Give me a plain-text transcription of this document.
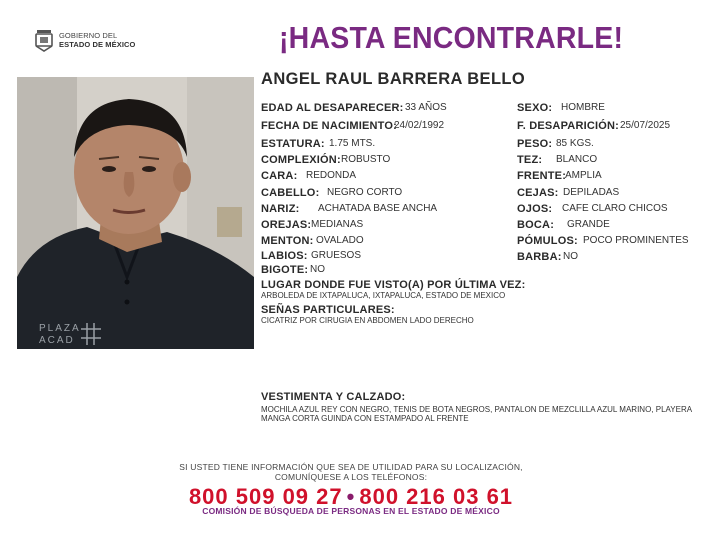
GOBIERNO DEL
ESTADO DE MÉXICO	¡HASTA ENCONTRARLE!
PLAZA
ACAD
ANGEL RAUL BARRERA BELLO
EDAD AL DESAPARECER: 33 AÑOS
FECHA DE NACIMIENTO:
24/02/1992
ESTATURA: 1.75 MTS.
COMPLEXIÓN: ROBUSTO
CARA: REDONDA
CABELLO: NEGRO CORTO
NARIZ: ACHATADA BASE ANCHA
OREJAS: MEDIANAS
MENTON: OVALADO
LABIOS: GRUESOS
BIGOTE: NO
SEXO: HOMBRE
F. DESAPARICIÓN: 25/07/2025
PESO: 85 KGS.
TEZ: BLANCO
FRENTE:
AMPLIA
CEJAS: DEPILADAS
OJOS: CAFE CLARO CHICOS
BOCA: GRANDE
PÓMULOS: POCO PROMINENTES
BARBA: NO
LUGAR DONDE FUE VISTO(A) POR ÚLTIMA VEZ:
ARBOLEDA DE IXTAPALUCA, IXTAPALUCA, ESTADO DE MEXICO
SEÑAS PARTICULARES:
CICATRIZ POR CIRUGIA EN ABDOMEN LADO DERECHO
VESTIMENTA Y CALZADO:
MOCHILA AZUL REY CON NEGRO, TENIS DE BOTA NEGROS, PANTALON DE MEZCLILLA AZUL MARINO, PLAYERA
MANGA CORTA GUINDA CON ESTAMPADO AL FRENTE
SI USTED TIENE INFORMACIÓN QUE SEA DE UTILIDAD PARA SU LOCALIZACIÓN,
COMUNÍQUESE A LOS TELÉFONOS:
800 509 09 27 • 800 216 03 61
COMISIÓN DE BÚSQUEDA DE PERSONAS EN EL ESTADO DE MÉXICO
